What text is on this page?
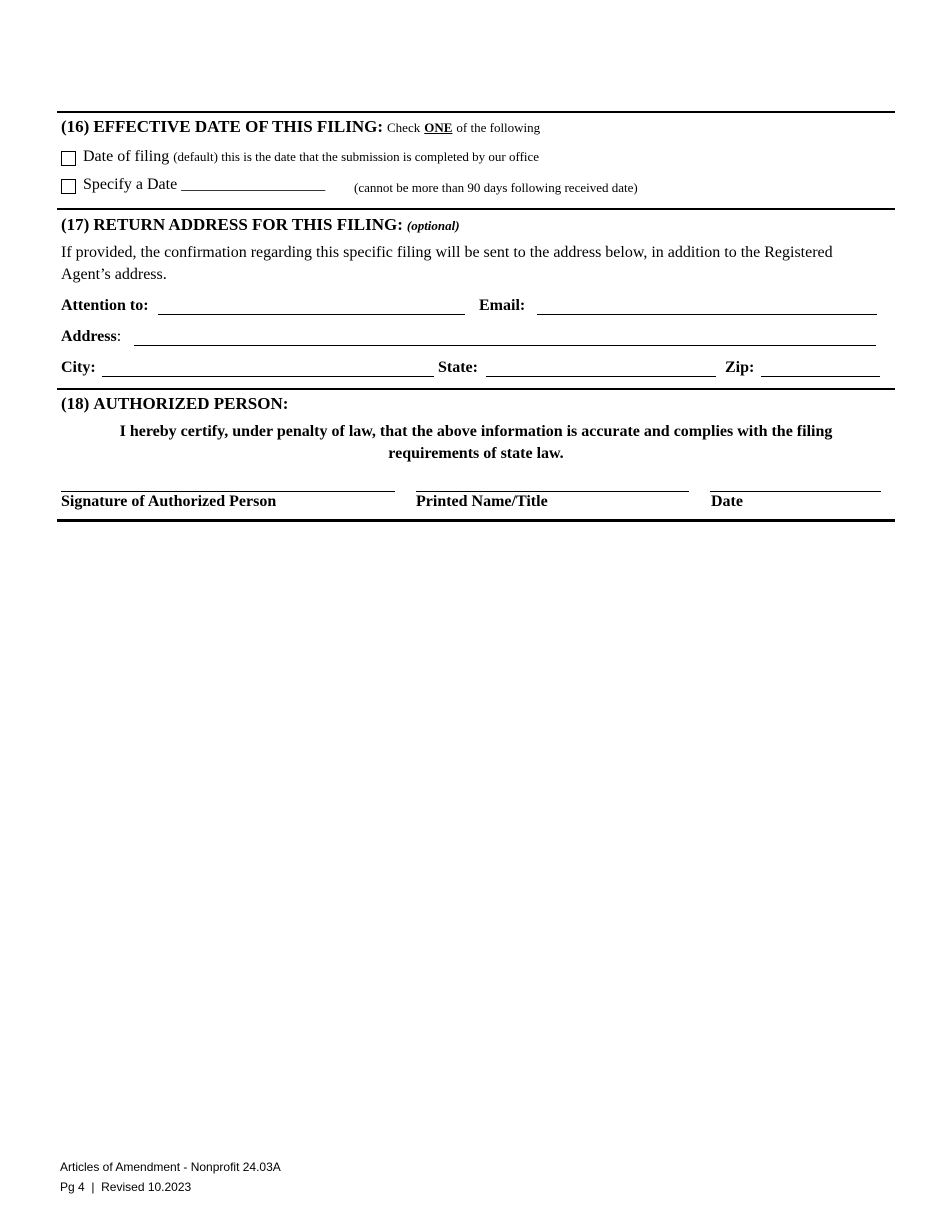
(16) EFFECTIVE DATE OF THIS FILING: Check ONE of the following
Date of filing (default) this is the date that the submission is completed by our office
Specify a Date __________________ (cannot be more than 90 days following received date)
(17) RETURN ADDRESS FOR THIS FILING: (optional)
If provided, the confirmation regarding this specific filing will be sent to the address below, in addition to the Registered
Agent’s address.
Attention to:	Email:
Address:
City:	State:	Zip:
(18) AUTHORIZED PERSON:
I hereby certify, under penalty of law, that the above information is accurate and complies with the filing
requirements of state law.
Signature of Authorized Person	Printed Name/Title	Date
Articles of Amendment - Nonprofit 24.03A
Pg 4  |  Revised 10.2023
